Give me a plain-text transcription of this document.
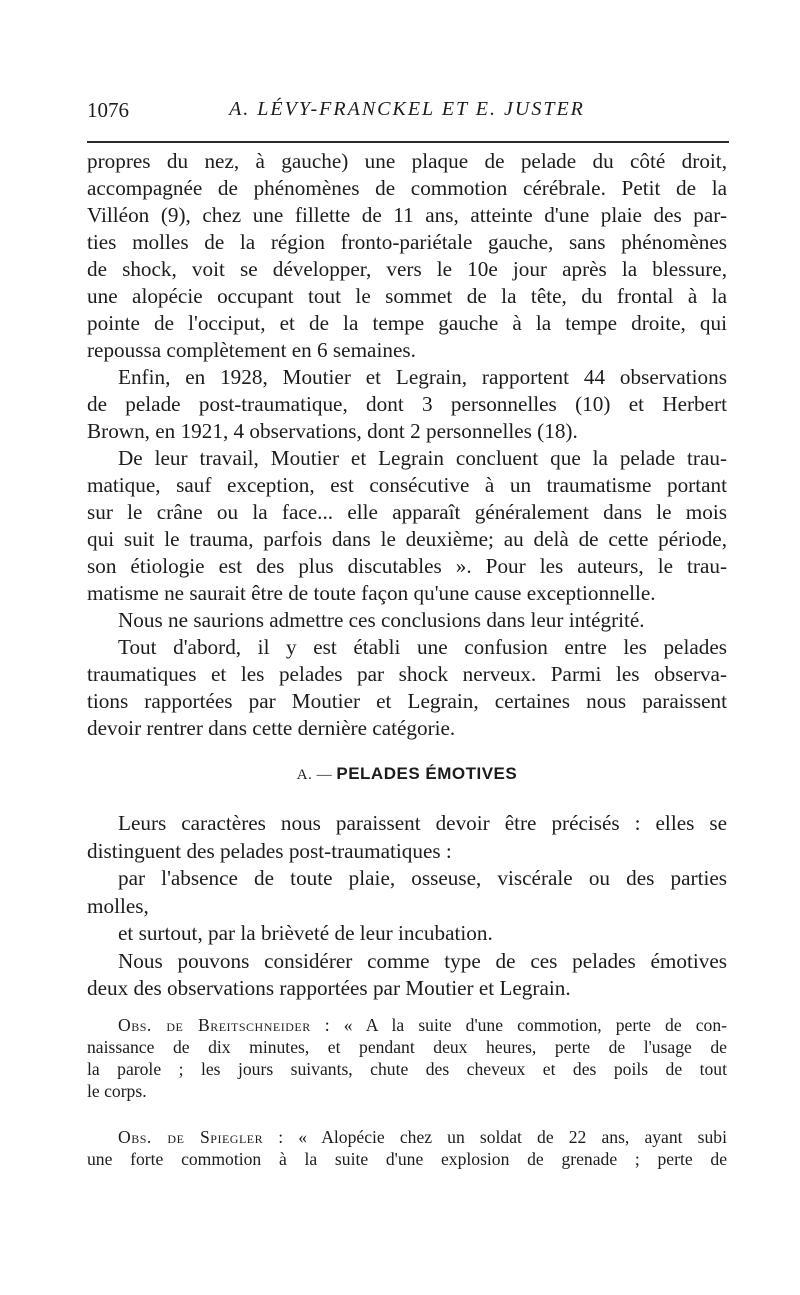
1076	A. LÉVY-FRANCKEL ET E. JUSTER
propres du nez, à gauche) une plaque de pelade du côté droit,
accompagnée de phénomènes de commotion cérébrale. Petit de la
Villéon (9), chez une fillette de 11 ans, atteinte d'une plaie des par-
ties molles de la région fronto-pariétale gauche, sans phénomènes
de shock, voit se développer, vers le 10e jour après la blessure,
une alopécie occupant tout le sommet de la tête, du frontal à la
pointe de l'occiput, et de la tempe gauche à la tempe droite, qui
repoussa complètement en 6 semaines.
Enfin, en 1928, Moutier et Legrain, rapportent 44 observations
de pelade post-traumatique, dont 3 personnelles (10) et Herbert
Brown, en 1921, 4 observations, dont 2 personnelles (18).
De leur travail, Moutier et Legrain concluent que la pelade trau-
matique, sauf exception, est consécutive à un traumatisme portant
sur le crâne ou la face... elle apparaît généralement dans le mois
qui suit le trauma, parfois dans le deuxième; au delà de cette période,
son étiologie est des plus discutables ». Pour les auteurs, le trau-
matisme ne saurait être de toute façon qu'une cause exceptionnelle.
Nous ne saurions admettre ces conclusions dans leur intégrité.
Tout d'abord, il y est établi une confusion entre les pelades
traumatiques et les pelades par shock nerveux. Parmi les observa-
tions rapportées par Moutier et Legrain, certaines nous paraissent
devoir rentrer dans cette dernière catégorie.
A. — PELADES ÉMOTIVES
Leurs caractères nous paraissent devoir être précisés : elles se
distinguent des pelades post-traumatiques :
par l'absence de toute plaie, osseuse, viscérale ou des parties
molles,
et surtout, par la brièveté de leur incubation.
Nous pouvons considérer comme type de ces pelades émotives
deux des observations rapportées par Moutier et Legrain.
Obs. de Breitschneider : « A la suite d'une commotion, perte de con-
naissance de dix minutes, et pendant deux heures, perte de l'usage de
la parole ; les jours suivants, chute des cheveux et des poils de tout
le corps.
Obs. de Spiegler : « Alopécie chez un soldat de 22 ans, ayant subi
une forte commotion à la suite d'une explosion de grenade ; perte de
